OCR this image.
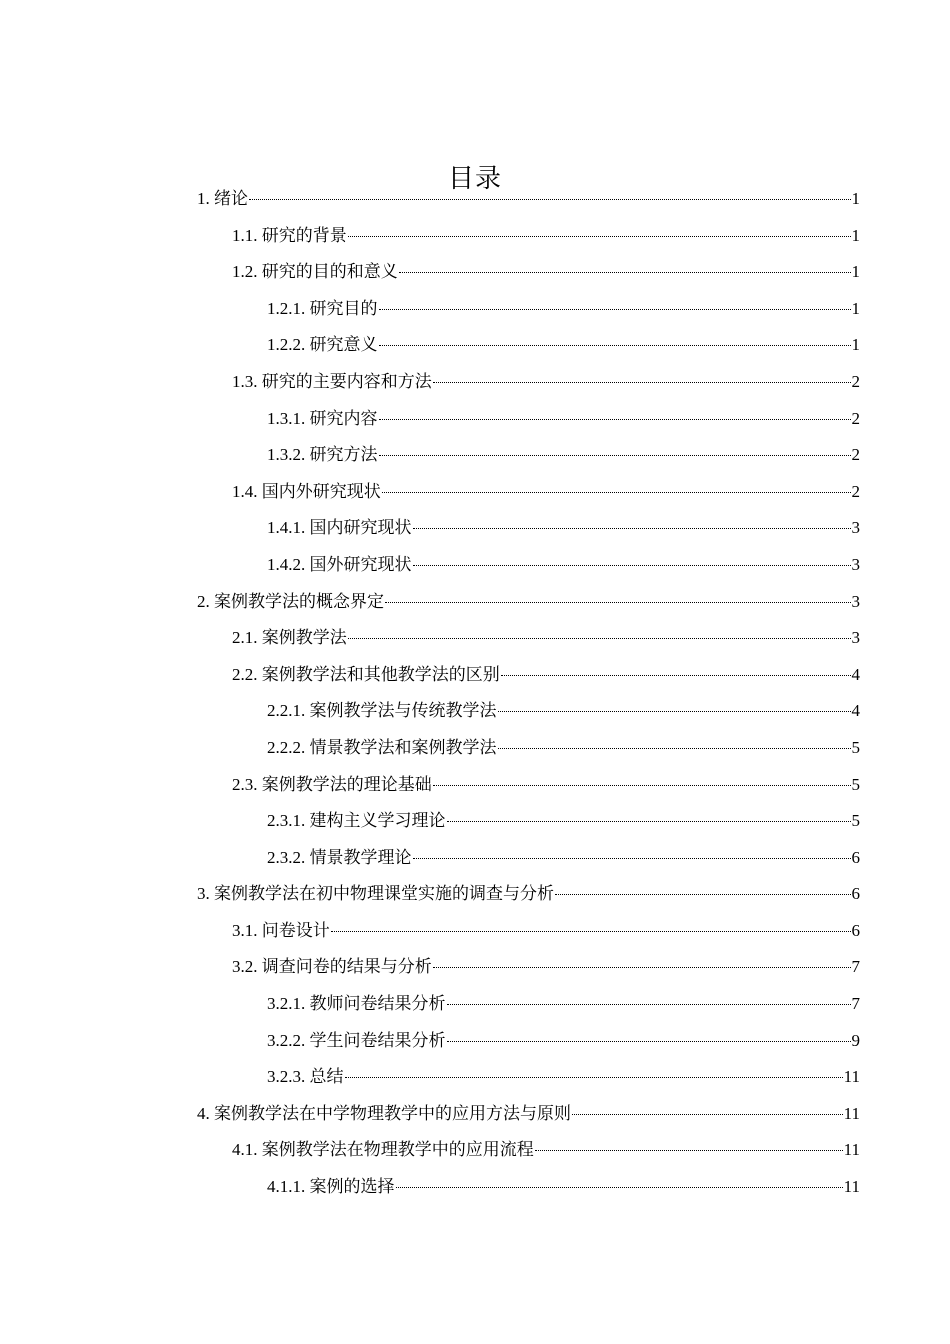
目录
1. 绪论	1
1.1. 研究的背景	1
1.2. 研究的目的和意义	1
1.2.1. 研究目的	1
1.2.2. 研究意义	1
1.3. 研究的主要内容和方法	2
1.3.1. 研究内容	2
1.3.2. 研究方法	2
1.4. 国内外研究现状	2
1.4.1. 国内研究现状	3
1.4.2. 国外研究现状	3
2. 案例教学法的概念界定	3
2.1. 案例教学法	3
2.2. 案例教学法和其他教学法的区别	4
2.2.1. 案例教学法与传统教学法	4
2.2.2. 情景教学法和案例教学法	5
2.3. 案例教学法的理论基础	5
2.3.1. 建构主义学习理论	5
2.3.2. 情景教学理论	6
3. 案例教学法在初中物理课堂实施的调查与分析	6
3.1. 问卷设计	6
3.2. 调查问卷的结果与分析	7
3.2.1. 教师问卷结果分析	7
3.2.2. 学生问卷结果分析	9
3.2.3. 总结	11
4. 案例教学法在中学物理教学中的应用方法与原则	11
4.1. 案例教学法在物理教学中的应用流程	11
4.1.1. 案例的选择	11
